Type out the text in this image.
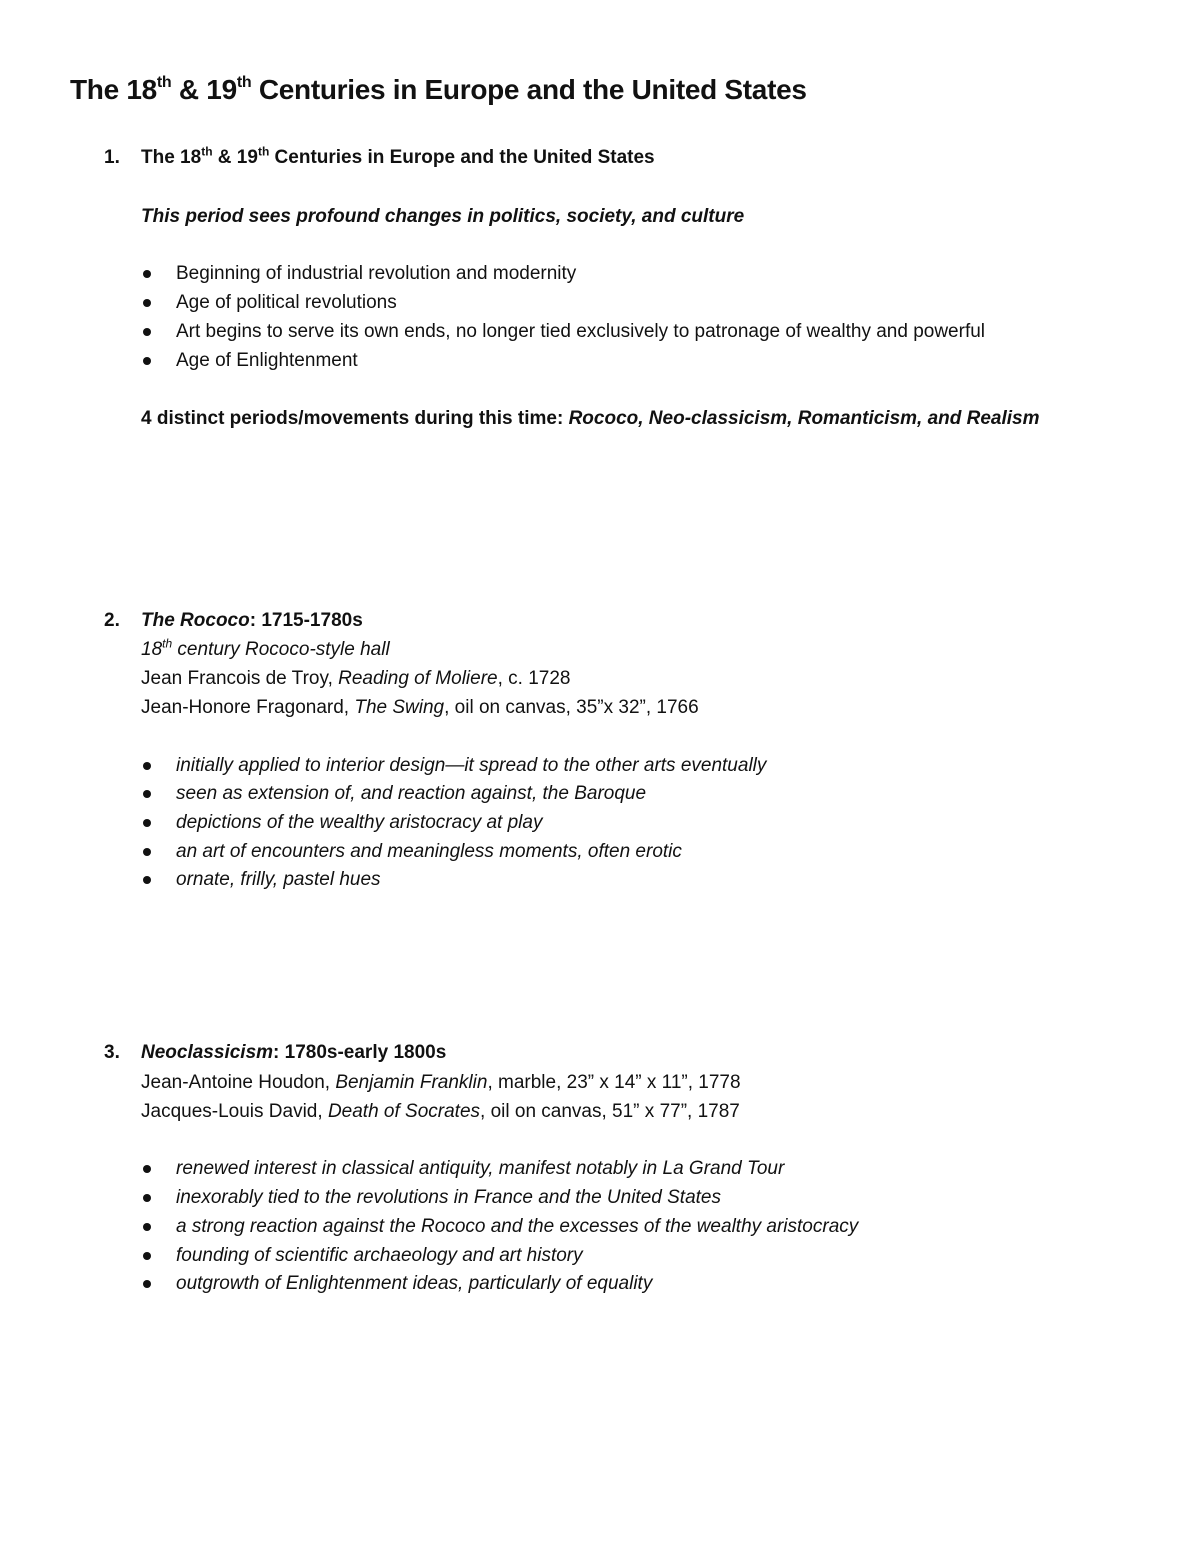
The 18th & 19th Centuries in Europe and the United States
1. The 18th & 19th Centuries in Europe and the United States
This period sees profound changes in politics, society, and culture
Beginning of industrial revolution and modernity
Age of political revolutions
Art begins to serve its own ends, no longer tied exclusively to patronage of wealthy and powerful
Age of Enlightenment
4 distinct periods/movements during this time: Rococo, Neo-classicism, Romanticism, and Realism
2. The Rococo: 1715-1780s
18th century Rococo-style hall
Jean Francois de Troy, Reading of Moliere, c. 1728
Jean-Honore Fragonard, The Swing, oil on canvas, 35”x 32”, 1766
initially applied to interior design—it spread to the other arts eventually
seen as extension of, and reaction against, the Baroque
depictions of the wealthy aristocracy at play
an art of encounters and meaningless moments, often erotic
ornate, frilly, pastel hues
3. Neoclassicism: 1780s-early 1800s
Jean-Antoine Houdon, Benjamin Franklin, marble, 23” x 14” x 11”, 1778
Jacques-Louis David, Death of Socrates, oil on canvas, 51” x 77”, 1787
renewed interest in classical antiquity, manifest notably in La Grand Tour
inexorably tied to the revolutions in France and the United States
a strong reaction against the Rococo and the excesses of the wealthy aristocracy
founding of scientific archaeology and art history
outgrowth of Enlightenment ideas, particularly of equality
